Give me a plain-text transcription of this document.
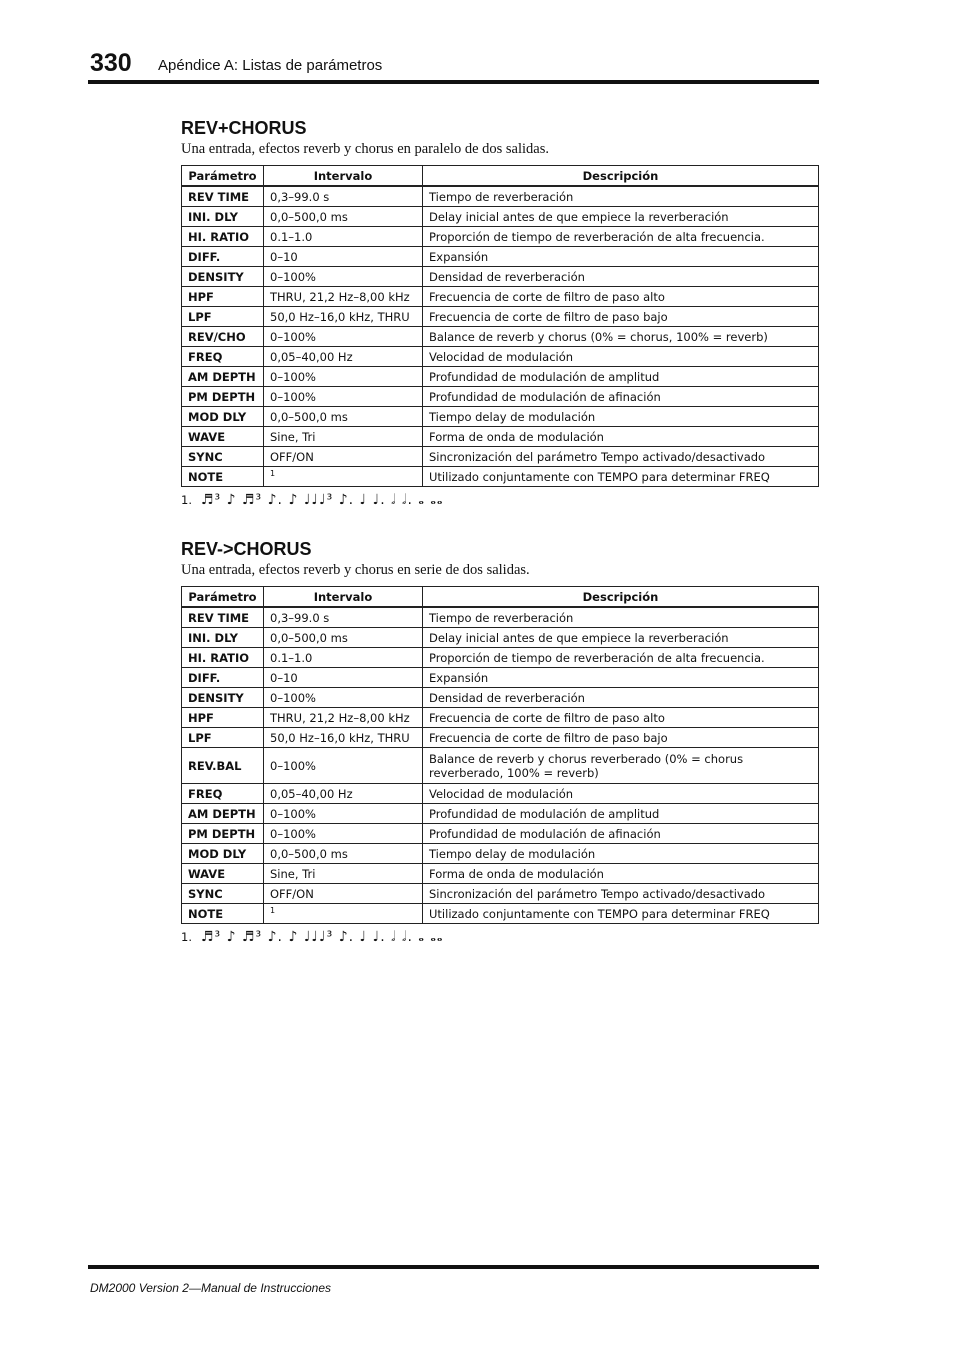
330 Apéndice A: Listas de parámetros
REV+CHORUS

Una entrada, efectos reverb y chorus en paralelo de dos salidas.

Parámetro	Intervalo	Descripción
REV TIME	0,3–99.0 s	Tiempo de reverberación
INI. DLY	0,0–500,0 ms	Delay inicial antes de que empiece la reverberación
HI. RATIO	0.1–1.0	Proporción de tiempo de reverberación de alta frecuencia.
DIFF.	0–10	Expansión
DENSITY	0–100%	Densidad de reverberación
HPF	THRU, 21,2 Hz–8,00 kHz	Frecuencia de corte de filtro de paso alto
LPF	50,0 Hz–16,0 kHz, THRU	Frecuencia de corte de filtro de paso bajo
REV/CHO	0–100%	Balance de reverb y chorus (0% = chorus, 100% = reverb)
FREQ	0,05–40,00 Hz	Velocidad de modulación
AM DEPTH	0–100%	Profundidad de modulación de amplitud
PM DEPTH	0–100%	Profundidad de modulación de afinación
MOD DLY	0,0–500,0 ms	Tiempo delay de modulación
WAVE	Sine, Tri	Forma de onda de modulación
SYNC	OFF/ON	Sincronización del parámetro Tempo activado/desactivado
NOTE	$^1$	Utilizado conjuntamente con TEMPO para determinar FREQ
1. ♬³ ♪ ♬³ ♪. ♪ ♩♩♩³ ♪. ♩ ♩. 𝅗𝅥 𝅗𝅥. 𝅝 𝅝𝅝
REV->CHORUS

Una entrada, efectos reverb y chorus en serie de dos salidas.

Parámetro	Intervalo	Descripción
REV TIME	0,3–99.0 s	Tiempo de reverberación
INI. DLY	0,0–500,0 ms	Delay inicial antes de que empiece la reverberación
HI. RATIO	0.1–1.0	Proporción de tiempo de reverberación de alta frecuencia.
DIFF.	0–10	Expansión
DENSITY	0–100%	Densidad de reverberación
HPF	THRU, 21,2 Hz–8,00 kHz	Frecuencia de corte de filtro de paso alto
LPF	50,0 Hz–16,0 kHz, THRU	Frecuencia de corte de filtro de paso bajo
REV.BAL	0–100%	Balance de reverb y chorus reverberado (0% = chorus reverberado, 100% = reverb)
FREQ	0,05–40,00 Hz	Velocidad de modulación
AM DEPTH	0–100%	Profundidad de modulación de amplitud
PM DEPTH	0–100%	Profundidad de modulación de afinación
MOD DLY	0,0–500,0 ms	Tiempo delay de modulación
WAVE	Sine, Tri	Forma de onda de modulación
SYNC	OFF/ON	Sincronización del parámetro Tempo activado/desactivado
NOTE	$^1$	Utilizado conjuntamente con TEMPO para determinar FREQ
1. ♬³ ♪ ♬³ ♪. ♪ ♩♩♩³ ♪. ♩ ♩. 𝅗𝅥 𝅗𝅥. 𝅝 𝅝𝅝
DM2000 Version 2—Manual de Instrucciones
